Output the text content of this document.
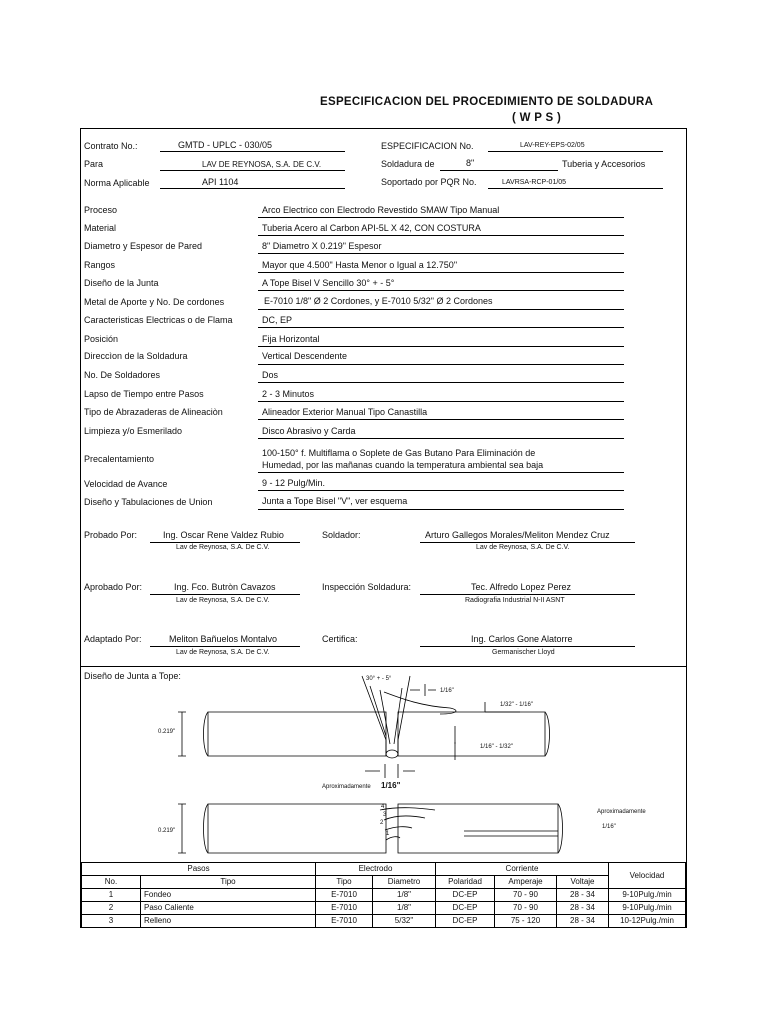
ESPECIFICACION DEL PROCEDIMIENTO DE SOLDADURA
( W P S )
Contrato No.:	GMTD - UPLC - 030/05
Para	LAV DE REYNOSA, S.A. DE C.V.
Norma Aplicable	API 1104
ESPECIFICACION No.	LAV-REY-EPS-02/05
Soldadura de	8"	Tuberia y Accesorios
Soportado por PQR No.	LAVRSA-RCP-01/05
Proceso	Arco Electrico con Electrodo Revestido SMAW Tipo Manual
Material	Tuberia Acero al Carbon API-5L X 42, CON COSTURA
Diametro y Espesor de Pared	8" Diametro X 0.219" Espesor
Rangos	Mayor que 4.500" Hasta Menor o Igual a 12.750"
Diseño de la Junta	A Tope Bisel V Sencillo 30° + - 5°
Metal de Aporte y No. De cordones	E-7010 1/8" Ø 2 Cordones, y E-7010 5/32" Ø 2 Cordones
Caracteristicas Electricas o de Flama	DC, EP
Posición	Fija Horizontal
Direccìon de la Soldadura	Vertical Descendente
No. De Soldadores	Dos
Lapso de Tiempo entre Pasos	2 - 3 Minutos
Tipo de Abrazaderas de Alineaciòn	Alineador Exterior Manual Tipo Canastilla
Limpieza y/o Esmerilado	Disco Abrasivo y Carda
Precalentamiento
100-150° f. Multiflama o Soplete de Gas Butano Para Eliminación de
Humedad, por las mañanas cuando la temperatura ambiental sea baja
Velocidad de Avance	9 - 12 Pulg/Min.
Diseño y Tabulaciones de Union	Junta a Tope Bisel "V", ver esquema
Probado Por:	Ing. Oscar Rene Valdez Rubio
Lav de Reynosa, S.A. De C.V.
Soldador:	Arturo Gallegos Morales/Meliton Mendez Cruz
Lav de Reynosa, S.A. De C.V.
Aprobado Por:	Ing. Fco. Butròn Cavazos
Lav de Reynosa, S.A. De C.V.
Inspección Soldadura:	Tec. Alfredo Lopez Perez
Radiografia Industrial N-II ASNT
Adaptado Por:	Meliton Bañuelos Montalvo
Lav de Reynosa, S.A. De C.V.
Certifica:	Ing. Carlos Gone Alatorre
Germanischer Lloyd
Diseño de Junta a Tope:	30° + - 5°
1/16"
1/32" - 1/16"
1/16" - 1/32"
0.219"
Aproximadamente 1/16"
0.219"
Aproximadamente
1/16"
4
3
2
1
Pasos		Electrodo		Corriente			Velocidad
No.	Tipo	Tipo	Diametro	Polaridad	Amperaje	Voltaje	
1	Fondeo	E-7010	1/8"	DC-EP	70 - 90	28 - 34	9-10Pulg./min
2	Paso Caliente	E-7010	1/8"	DC-EP	70 - 90	28 - 34	9-10Pulg./min
3	Relleno	E-7010	5/32"	DC-EP	75 - 120	28 - 34	10-12Pulg./min
